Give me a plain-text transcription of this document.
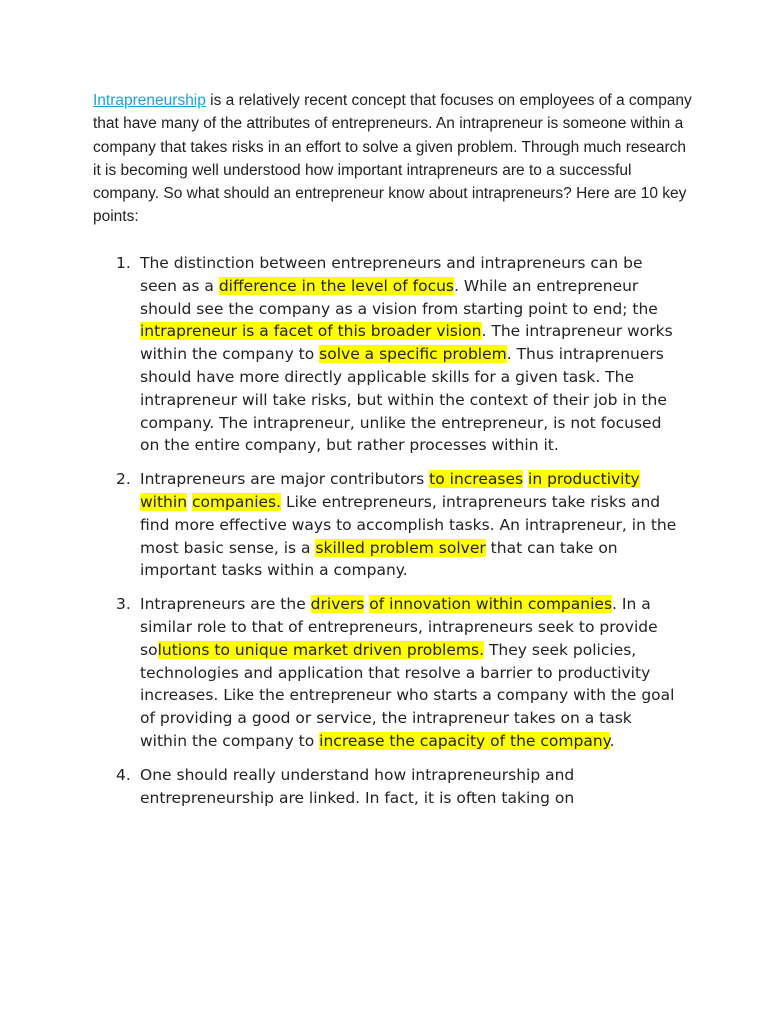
Intrapreneurship is a relatively recent concept that focuses on employees of a company that have many of the attributes of entrepreneurs. An intrapreneur is someone within a company that takes risks in an effort to solve a given problem. Through much research it is becoming well understood how important intrapreneurs are to a successful company. So what should an entrepreneur know about intrapreneurs? Here are 10 key points:

1. The distinction between entrepreneurs and intrapreneurs can be seen as a difference in the level of focus. While an entrepreneur should see the company as a vision from starting point to end; the intrapreneur is a facet of this broader vision. The intrapreneur works within the company to solve a specific problem. Thus intraprenuers should have more directly applicable skills for a given task. The intrapreneur will take risks, but within the context of their job in the company. The intrapreneur, unlike the entrepreneur, is not focused on the entire company, but rather processes within it.
2. Intrapreneurs are major contributors to increases in productivity within companies. Like entrepreneurs, intrapreneurs take risks and find more effective ways to accomplish tasks. An intrapreneur, in the most basic sense, is a skilled problem solver that can take on important tasks within a company.
3. Intrapreneurs are the drivers of innovation within companies. In a similar role to that of entrepreneurs, intrapreneurs seek to provide solutions to unique market driven problems. They seek policies, technologies and application that resolve a barrier to productivity increases. Like the entrepreneur who starts a company with the goal of providing a good or service, the intrapreneur takes on a task within the company to increase the capacity of the company.
4. One should really understand how intrapreneurship and entrepreneurship are linked. In fact, it is often taking on
